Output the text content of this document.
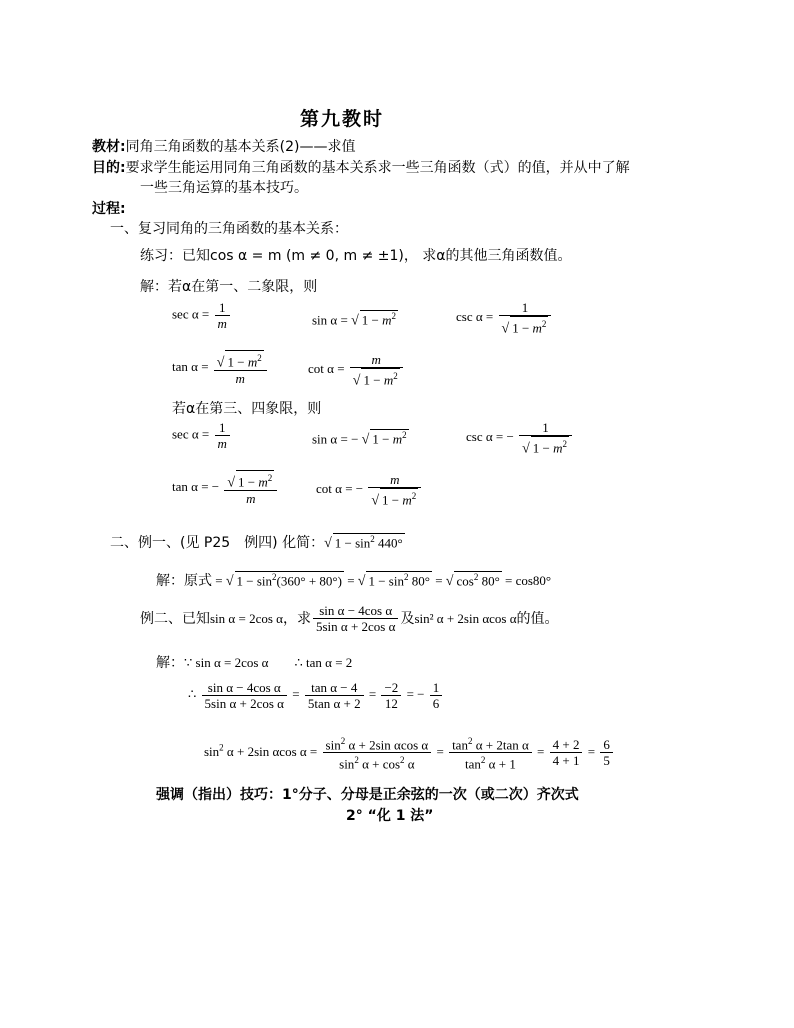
第九教时
教材:同角三角函数的基本关系(2)——求值
目的:要求学生能运用同角三角函数的基本关系求一些三角函数（式）的值，并从中了解
一些三角运算的基本技巧。
过程:
一、复习同角的三角函数的基本关系：
练习：已知cos α = m (m ≠ 0, m ≠ ±1)， 求α的其他三角函数值。
解：若α在第一、二象限，则
$\sec \alpha = \frac{1}{m}$	sin α = √ $1 - m^2$	$\csc \alpha = \frac{1}{√ 1 - m^2}$
$\tan \alpha = \frac{√ 1 - m^2}{m}$	$\cot \alpha = \frac{m}{√ 1 - m^2}$
若α在第三、四象限，则
$\sec \alpha = \frac{1}{m}$	sin α = − √ $1 - m^2$	csc α = − $\frac{1}{√ 1 - m^2}$
tan α = − $\frac{√ 1 - m^2}{m}$	cot α = − $\frac{m}{√ 1 - m^2}$
二、例一、(见 P25　例四) 化简：√ $1 - \sin^2 440^\circ$
解：原式 = √ $1 - \sin^2(360^\circ + 80^\circ)$ = √ $1 - \sin^2 80^\circ$ = √ $\cos^2 80^\circ = \cos 80^\circ$
例二、已知sin α = 2cos α，求 $\frac{\text{sin α − 4cos α}}{\text{5sin α + 2cos α}}$ 及sin² α + 2sin αcos α的值。
解：∵ sin α = 2cos α        ∴ tan α = 2
∴ $\frac{\text{sin α − 4cos α}}{\text{5sin α + 2cos α}} = \frac{\text{tan α − 4}}{\text{5tan α + 2}} = \frac{-2}{12}$ = − $\frac{1}{6}$
$\sin^2 \alpha + 2\sin$ αcos $\alpha = \frac{\sin^2 \alpha + 2\sin \alpha\cos \alpha}{\sin^2 \alpha + \cos^2 \alpha} = \frac{\tan^2 \alpha + 2\tan \alpha}{\tan^2 \alpha + 1} = \frac{4 + 2}{4 + 1} = \frac{6}{5}$
强调（指出）技巧：1°分子、分母是正余弦的一次（或二次）齐次式
2° “化 1 法”
